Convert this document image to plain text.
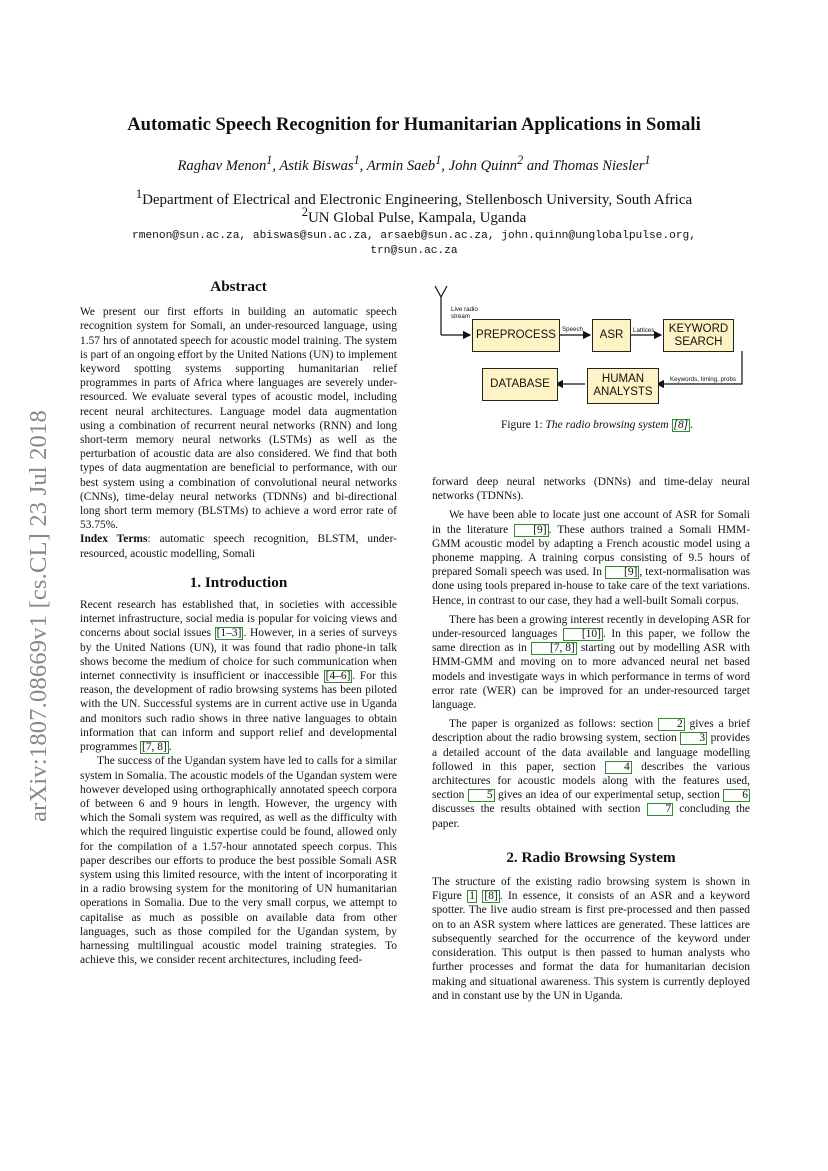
arXiv:1807.08669v1 [cs.CL] 23 Jul 2018
Automatic Speech Recognition for Humanitarian Applications in Somali
Raghav Menon$^1$, Astik Biswas$^1$, Armin Saeb$^1$, John Quinn$^2$ and Thomas Niesler$^1$
$^1$Department of Electrical and Electronic Engineering, Stellenbosch University, South Africa
$^2$UN Global Pulse, Kampala, Uganda
rmenon@sun.ac.za, abiswas@sun.ac.za, arsaeb@sun.ac.za, john.quinn@unglobalpulse.org,
trn@sun.ac.za
Abstract

We present our first efforts in building an automatic speech recognition system for Somali, an under-resourced language, using 1.57 hrs of annotated speech for acoustic model training. The system is part of an ongoing effort by the United Nations (UN) to implement keyword spotting systems supporting humanitarian relief programmes in parts of Africa where languages are severely under-resourced. We evaluate several types of acoustic model, including recent neural architectures. Language model data augmentation using a combination of recurrent neural networks (RNN) and long short-term memory neural networks (LSTMs) as well as the perturbation of acoustic data are also considered. We find that both types of data augmentation are beneficial to performance, with our best system using a combination of convolutional neural networks (CNNs), time-delay neural networks (TDNNs) and bi-directional long short term memory (BLSTMs) to achieve a word error rate of 53.75%.

Index Terms: automatic speech recognition, BLSTM, under-resourced, acoustic modelling, Somali

1. Introduction

Recent research has established that, in societies with accessible internet infrastructure, social media is popular for voicing views and concerns about social issues [1–3] . However, in a series of surveys by the United Nations (UN), it was found that radio phone-in talk shows become the medium of choice for such communication when internet connectivity is insufficient or inaccessible [4–6] . For this reason, the development of radio browsing systems has been piloted with the UN. Successful systems are in current active use in Uganda and monitors such radio shows in three native languages to obtain information that can inform and support relief and developmental programmes [7, 8] .

The success of the Ugandan system have led to calls for a similar system in Somalia. The acoustic models of the Ugandan system were however developed using orthographically annotated speech corpora of between 6 and 9 hours in length. However, the urgency with which the Somali system was required, as well as the difficulty with which the required linguistic expertise could be found, allowed only for the compilation of a 1.57-hour annotated speech corpus. This paper describes our efforts to produce the best possible Somali ASR system using this limited resource, with the intent of incorporating it in a radio browsing system for the monitoring of UN humanitarian operations in Somalia. Due to the very small corpus, we attempt to capitalise as much as possible on available data from other languages, such as those compiled for the Ugandan system, by harnessing multilingual acoustic model training strategies. To achieve this, we consider recent architectures, including feed-

Live radio stream
Speech	Lattices
Keywords, timing, probs
PREPROCESS	ASR
KEYWORD SEARCH
DATABASE	HUMAN ANALYSTS
Figure 1: The radio browsing system [8] .

forward deep neural networks (DNNs) and time-delay neural networks (TDNNs).

We have been able to locate just one account of ASR for Somali in the literature [9] . These authors trained a Somali HMM-GMM acoustic model by adapting a French acoustic model using a phoneme mapping. A training corpus consisting of 9.5 hours of prepared Somali speech was used. In [9] , text-normalisation was done using tools prepared in-house to take care of the text variations. Hence, in contrast to our case, they had a well-built Somali corpus.

There has been a growing interest recently in developing ASR for under-resourced languages [10] . In this paper, we follow the same direction as in [7, 8] starting out by modelling ASR with HMM-GMM and moving on to more advanced neural net based models and investigate ways in which performance in terms of word error rate (WER) can be improved for an under-resourced target language.

The paper is organized as follows: section 2 gives a brief description about the radio browsing system, section 3 provides a detailed account of the data available and language modelling followed in this paper, section 4 describes the various architectures for acoustic models along with the features used, section 5 gives an idea of our experimental setup, section 6 discusses the results obtained with section 7 concluding the paper.

2. Radio Browsing System

The structure of the existing radio browsing system is shown in Figure 1 [8] . In essence, it consists of an ASR and a keyword spotter. The live audio stream is first pre-processed and then passed on to an ASR system where lattices are generated. These lattices are subsequently searched for the occurrence of the keyword under consideration. This output is then passed to human analysts who further processes and format the data for humanitarian decision making and situational awareness. This system is currently deployed and in constant use by the UN in Uganda.
